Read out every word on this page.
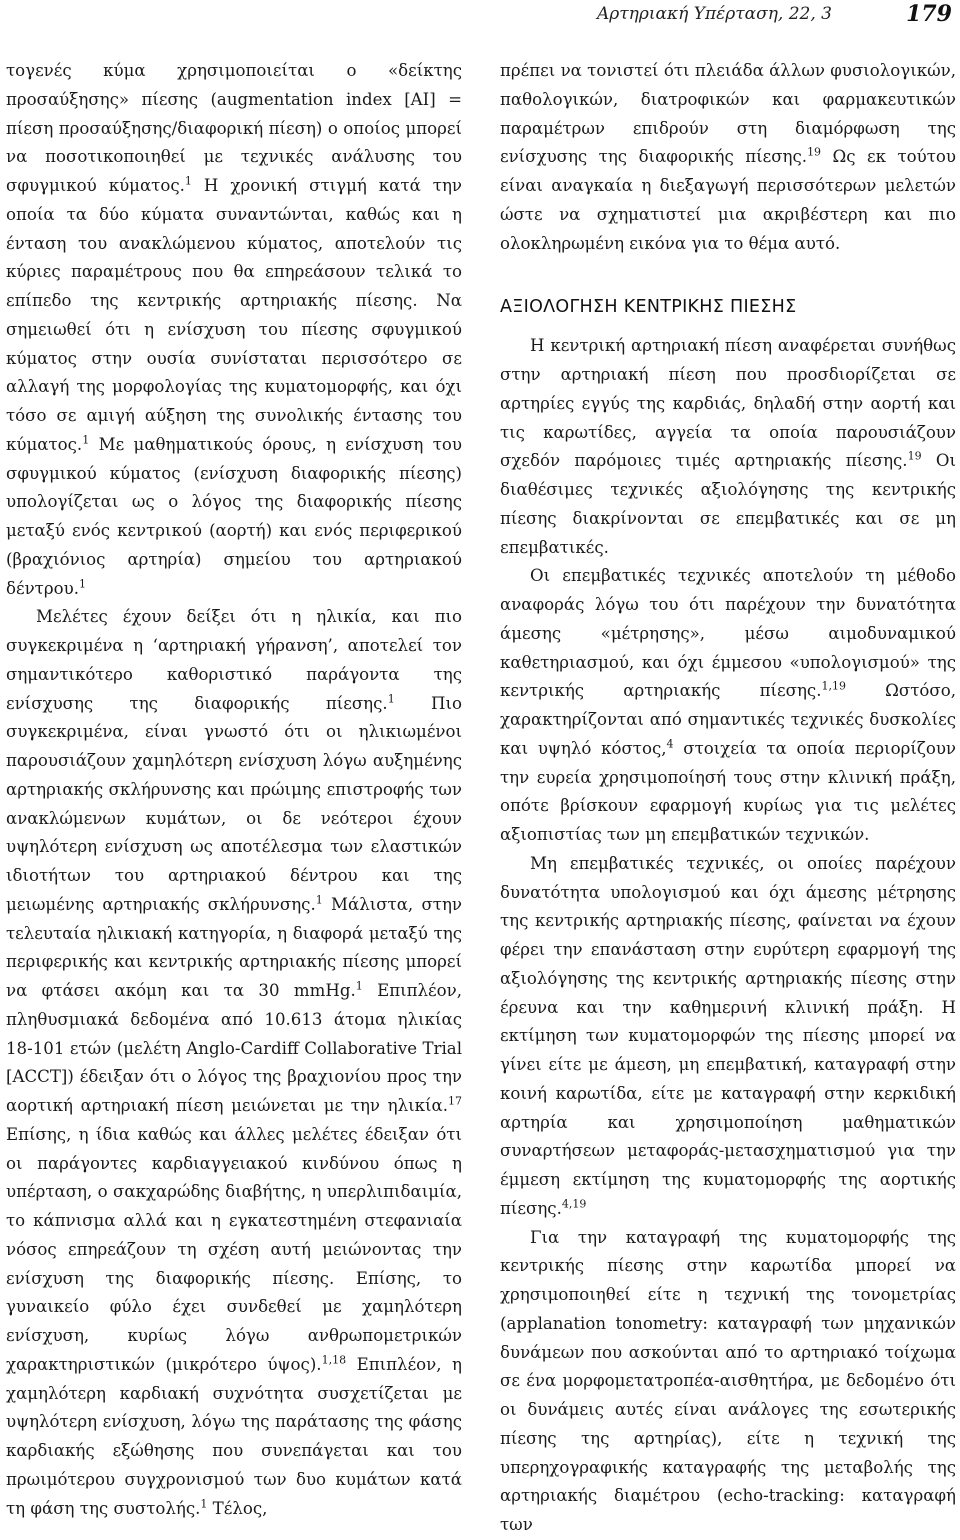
Αρτηριακή Υπέρταση, 22, 3	179

τογενές κύμα χρησιμοποιείται ο «δείκτης προσαύξησης» πίεσης (augmentation index [AI] = πίεση προσαύξησης/διαφορική πίεση) ο οποίος μπορεί να ποσοτικοποιηθεί με τεχνικές ανάλυσης του σφυγμικού κύματος.$^1$ Η χρονική στιγμή κατά την οποία τα δύο κύματα συναντώνται, καθώς και η ένταση του ανακλώμενου κύματος, αποτελούν τις κύριες παραμέτρους που θα επηρεάσουν τελικά το επίπεδο της κεντρικής αρτηριακής πίεσης. Να σημειωθεί ότι η ενίσχυση του πίεσης σφυγμικού κύματος στην ουσία συνίσταται περισσότερο σε αλλαγή της μορφολογίας της κυματομορφής, και όχι τόσο σε αμιγή αύξηση της συνολικής έντασης του κύματος.$^1$ Με μαθηματικούς όρους, η ενίσχυση του σφυγμικού κύματος (ενίσχυση διαφορικής πίεσης) υπολογίζεται ως ο λόγος της διαφορικής πίεσης μεταξύ ενός κεντρικού (αορτή) και ενός περιφερικού (βραχιόνιος αρτηρία) σημείου του αρτηριακού δέντρου.$^1$

Μελέτες έχουν δείξει ότι η ηλικία, και πιο συγκεκριμένα η ‘αρτηριακή γήρανση’, αποτελεί τον σημαντικότερο καθοριστικό παράγοντα της ενίσχυσης της διαφορικής πίεσης.$^1$ Πιο συγκεκριμένα, είναι γνωστό ότι οι ηλικιωμένοι παρουσιάζουν χαμηλότερη ενίσχυση λόγω αυξημένης αρτηριακής σκλήρυνσης και πρώιμης επιστροφής των ανακλώμενων κυμάτων, οι δε νεότεροι έχουν υψηλότερη ενίσχυση ως αποτέλεσμα των ελαστικών ιδιοτήτων του αρτηριακού δέντρου και της μειωμένης αρτηριακής σκλήρυνσης.$^1$ Μάλιστα, στην τελευταία ηλικιακή κατηγορία, η διαφορά μεταξύ της περιφερικής και κεντρικής αρτηριακής πίεσης μπορεί να φτάσει ακόμη και τα 30 mmHg.$^1$ Επιπλέον, πληθυσμιακά δεδομένα από 10.613 άτομα ηλικίας 18-101 ετών (μελέτη Anglo-Cardiff Collaborative Trial [ACCT]) έδειξαν ότι ο λόγος της βραχιονίου προς την αορτική αρτηριακή πίεση μειώνεται με την ηλικία.$^{17}$ Επίσης, η ίδια καθώς και άλλες μελέτες έδειξαν ότι οι παράγοντες καρδιαγγειακού κινδύνου όπως η υπέρταση, ο σακχαρώδης διαβήτης, η υπερλιπιδαιμία, το κάπνισμα αλλά και η εγκατεστημένη στεφανιαία νόσος επηρεάζουν τη σχέση αυτή μειώνοντας την ενίσχυση της διαφορικής πίεσης. Επίσης, το γυναικείο φύλο έχει συνδεθεί με χαμηλότερη ενίσχυση, κυρίως λόγω ανθρωπομετρικών χαρακτηριστικών (μικρότερο ύψος).$^{1,18}$ Επιπλέον, η χαμηλότερη καρδιακή συχνότητα συσχετίζεται με υψηλότερη ενίσχυση, λόγω της παράτασης της φάσης καρδιακής εξώθησης που συνεπάγεται και του πρωιμότερου συγχρονισμού των δυο κυμάτων κατά τη φάση της συστολής.$^1$ Τέλος,

πρέπει να τονιστεί ότι πλειάδα άλλων φυσιολογικών, παθολογικών, διατροφικών και φαρμακευτικών παραμέτρων επιδρούν στη διαμόρφωση της ενίσχυσης της διαφορικής πίεσης.$^{19}$ Ως εκ τούτου είναι αναγκαία η διεξαγωγή περισσότερων μελετών ώστε να σχηματιστεί μια ακριβέστερη και πιο ολοκληρωμένη εικόνα για το θέμα αυτό.

ΑΞΙΟΛΟΓΗΣΗ ΚΕΝΤΡΙΚΗΣ ΠΙΕΣΗΣ

Η κεντρική αρτηριακή πίεση αναφέρεται συνήθως στην αρτηριακή πίεση που προσδιορίζεται σε αρτηρίες εγγύς της καρδιάς, δηλαδή στην αορτή και τις καρωτίδες, αγγεία τα οποία παρουσιάζουν σχεδόν παρόμοιες τιμές αρτηριακής πίεσης.$^{19}$ Οι διαθέσιμες τεχνικές αξιολόγησης της κεντρικής πίεσης διακρίνονται σε επεμβατικές και σε μη επεμβατικές.

Οι επεμβατικές τεχνικές αποτελούν τη μέθοδο αναφοράς λόγω του ότι παρέχουν την δυνατότητα άμεσης «μέτρησης», μέσω αιμοδυναμικού καθετηριασμού, και όχι έμμεσου «υπολογισμού» της κεντρικής αρτηριακής πίεσης.$^{1,19}$ Ωστόσο, χαρακτηρίζονται από σημαντικές τεχνικές δυσκολίες και υψηλό κόστος,$^4$ στοιχεία τα οποία περιορίζουν την ευρεία χρησιμοποίησή τους στην κλινική πράξη, οπότε βρίσκουν εφαρμογή κυρίως για τις μελέτες αξιοπιστίας των μη επεμβατικών τεχνικών.

Μη επεμβατικές τεχνικές, οι οποίες παρέχουν δυνατότητα υπολογισμού και όχι άμεσης μέτρησης της κεντρικής αρτηριακής πίεσης, φαίνεται να έχουν φέρει την επανάσταση στην ευρύτερη εφαρμογή της αξιολόγησης της κεντρικής αρτηριακής πίεσης στην έρευνα και την καθημερινή κλινική πράξη. Η εκτίμηση των κυματομορφών της πίεσης μπορεί να γίνει είτε με άμεση, μη επεμβατική, καταγραφή στην κοινή καρωτίδα, είτε με καταγραφή στην κερκιδική αρτηρία και χρησιμοποίηση μαθηματικών συναρτήσεων μεταφοράς-μετασχηματισμού για την έμμεση εκτίμηση της κυματομορφής της αορτικής πίεσης.$^{4,19}$

Για την καταγραφή της κυματομορφής της κεντρικής πίεσης στην καρωτίδα μπορεί να χρησιμοποιηθεί είτε η τεχνική της τονομετρίας (applanation tonometry: καταγραφή των μηχανικών δυνάμεων που ασκούνται από το αρτηριακό τοίχωμα σε ένα μορφομετατροπέα-αισθητήρα, με δεδομένο ότι οι δυνάμεις αυτές είναι ανάλογες της εσωτερικής πίεσης της αρτηρίας), είτε η τεχνική της υπερηχογραφικής καταγραφής της μεταβολής της αρτηριακής διαμέτρου (echo-tracking: καταγραφή των
